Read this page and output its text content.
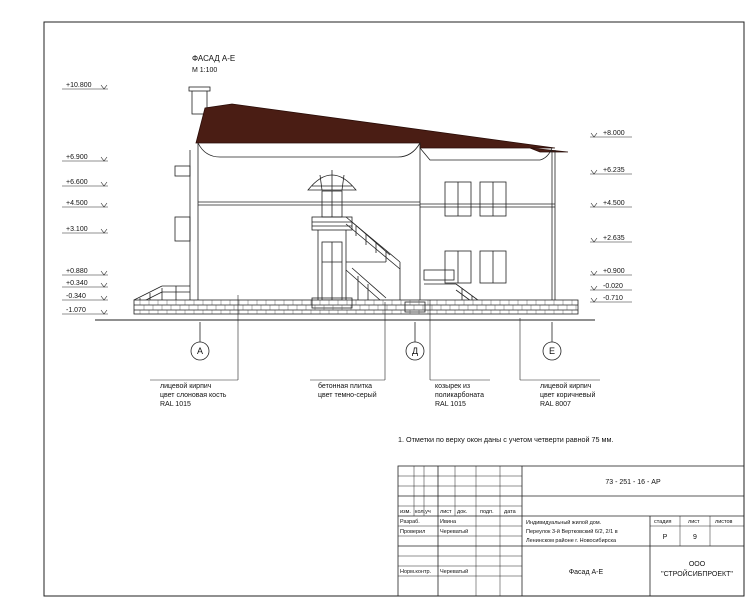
ФАСАД А-Е
М 1:100
+10.800
+6.900
+6.600
+4.500
+3.100
+0.880
+0.340
-0.340
-1.070
+8.000
+6.235
+4.500
+2.635
+0.900
-0.020
-0.710
А	Д	Е
лицевой кирпич
цвет слоновая кость
RAL 1015
бетонная плитка
цвет темно-серый
козырек из
поликарбоната
RAL 1015
лицевой кирпич
цвет коричневый
RAL 8007
1. Отметки по верху окон даны с учетом четверти равной 75 мм.
73 - 251 - 16 - АР
изм. кол.уч лист док. подп. дата
Разраб.	Ивина
Проверил	Череватый
Норм.контр. Череватый
Индивидуальный жилой дом.
Переулок 3-й Вертковский 6/2, 2/1 в
Ленинском районе г. Новосибирска
стадия	лист	листов
Р	9
Фасад А-Е
ООО
"СТРОЙСИБПРОЕКТ"
